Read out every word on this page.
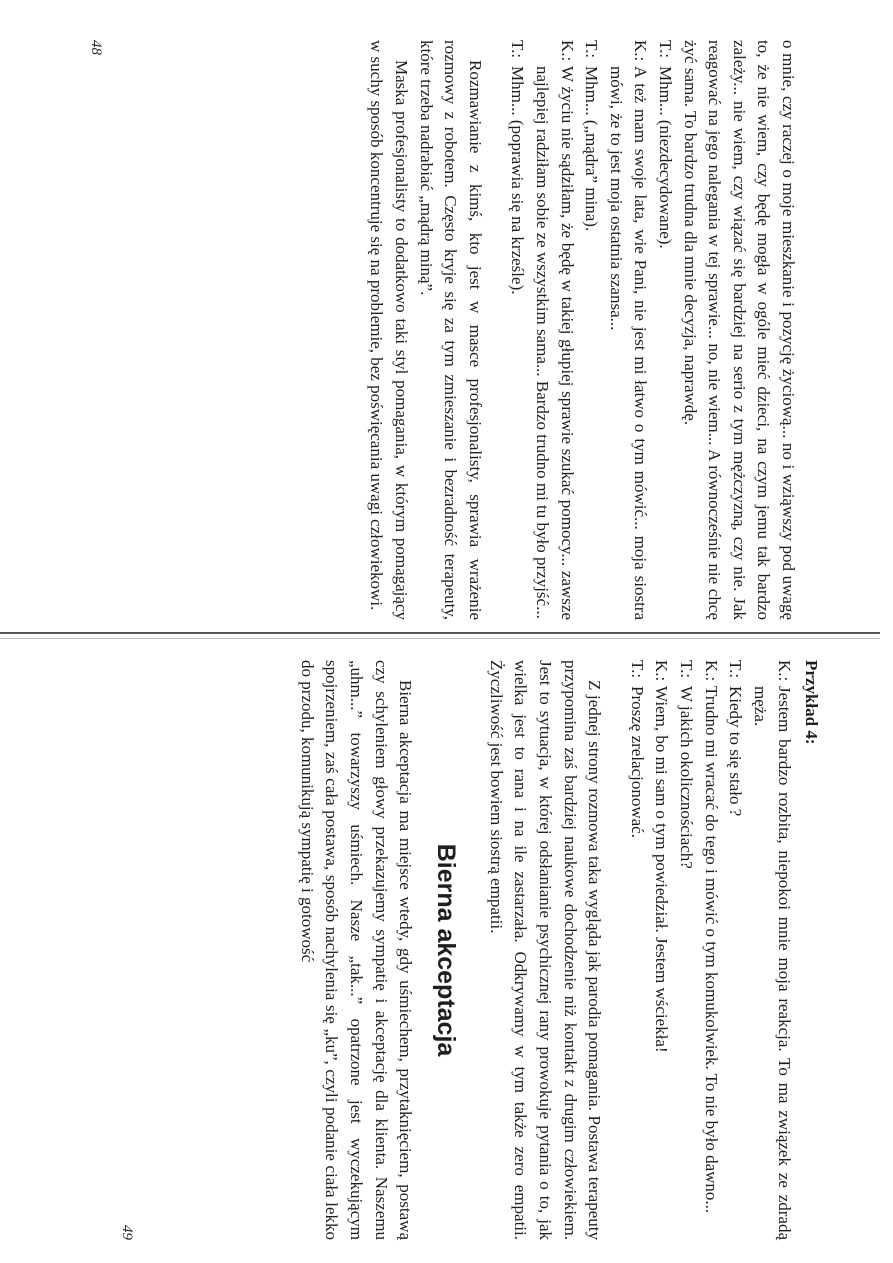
o mnie, czy raczej o moje mieszkanie i pozycję życiową... no i wziąwszy pod uwagę to, że nie wiem, czy będę mogła w ogóle mieć dzieci, na czym jemu tak bardzo zależy... nie wiem, czy wiązać się bardziej na serio z tym mężczyzną, czy nie. Jak reagować na jego nalegania w tej sprawie... no, nie wiem... A równocześnie nie chcę żyć sama. To bardzo trudna dla mnie decyzja, naprawdę.

T.:
Mhm... (niezdecydowane).
K.:
A też mam swoje lata, wie Pani, nie jest mi łatwo o tym mówić... moja siostra mówi, że to jest moja ostatnia szansa...
T.:
Mhm... („mądra” mina).
K.:
W życiu nie sądziłam, że będę w takiej głupiej sprawie szukać pomocy... zawsze najlepiej radziłam sobie ze wszystkim sama... Bardzo trudno mi tu było przyjść...
T.:
Mhm... (poprawia się na krześle).

Rozmawianie z kimś, kto jest w masce profesjonalisty, sprawia wrażenie rozmowy z robotem. Często kryje się za tym zmieszanie i bezradność terapeuty, które trzeba nadrabiać „mądrą miną”.

Maska profesjonalisty to dodatkowo taki styl pomagania, w którym pomagający w suchy sposób koncentruje się na problemie, bez poświęcania uwagi człowiekowi.

48
Przykład 4:
K.:
Jestem bardzo rozbita, niepokoi mnie moja reakcja. To ma związek ze zdradą męża.
T.:
Kiedy to się stało ?
K.:
Trudno mi wracać do tego i mówić o tym komukolwiek. To nie było dawno...
T.:
W jakich okolicznościach?
K.:
Wiem, bo mi sam o tym powiedział. Jestem wściekła!
T.:
Proszę zrelacjonować.

Z jednej strony rozmowa taka wygląda jak parodia pomagania. Postawa terapeuty przypomina zaś bardziej naukowe dochodzenie niż kontakt z drugim człowiekiem. Jest to sytuacja, w której odsłanianie psychicznej rany prowokuje pytania o to, jak wielka jest to rana i na ile zastarzała. Odkrywamy w tym także zero empatii. Życzliwość jest bowiem siostrą empatii.

Bierna akceptacja

Bierna akceptacja ma miejsce wtedy, gdy uśmiechem, przytaknięciem, postawą czy schyleniem głowy przekazujemy sympatię i akceptację dla klienta. Naszemu „uhm...” towarzyszy uśmiech. Nasze „tak...” opatrzone jest wyczekującym spojrzeniem, zaś cała postawa, sposób nachylenia się „ku”, czyli podanie ciała lekko do przodu, komunikują sympatię i gotowość

49
